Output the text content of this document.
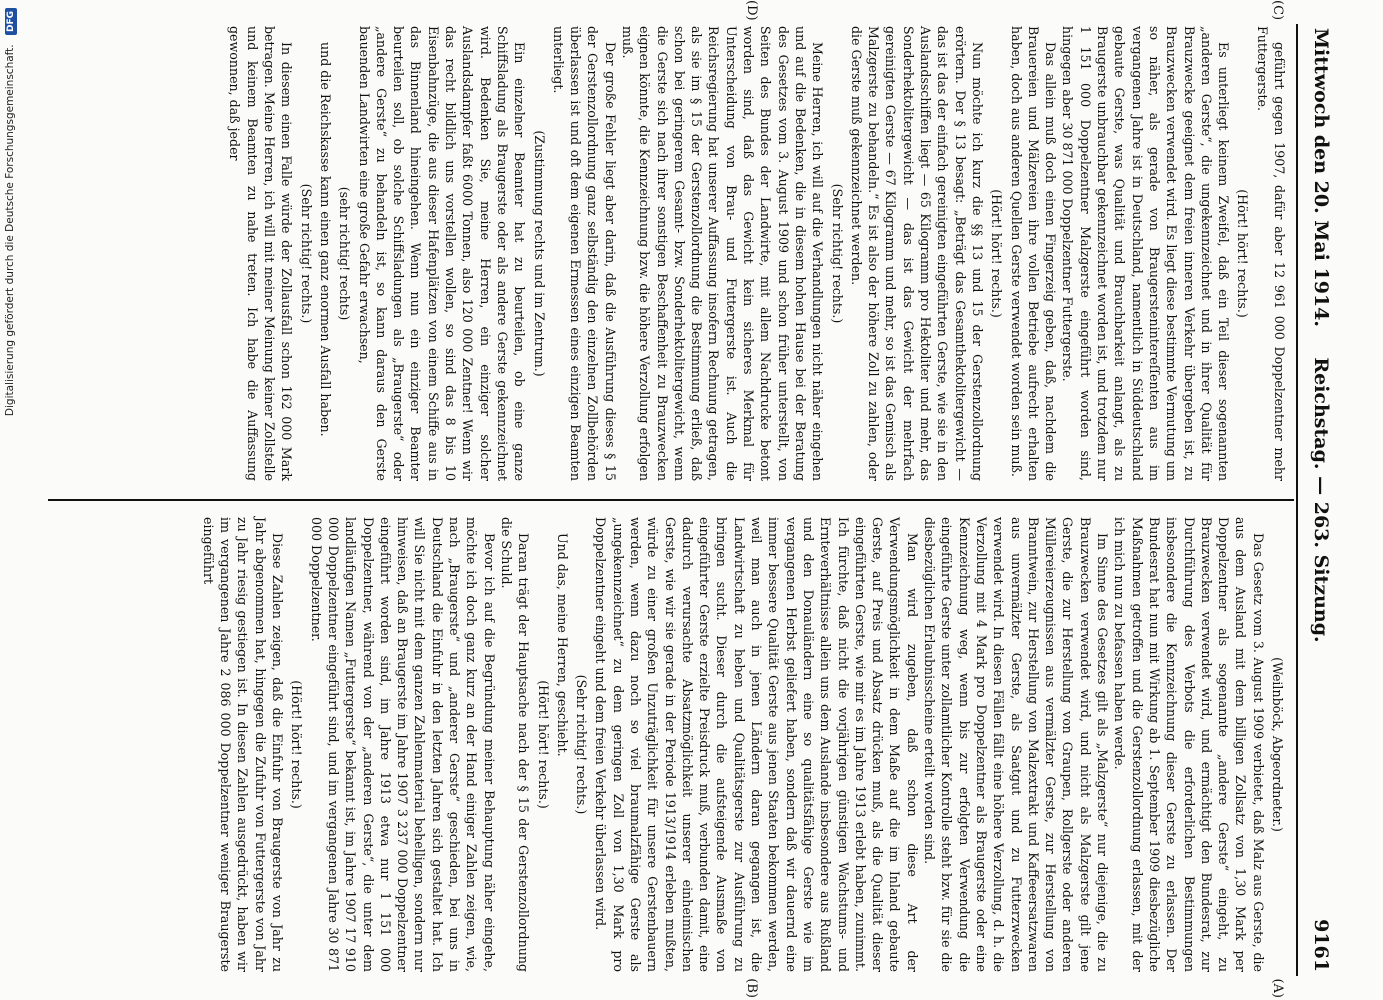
Digitalisierung gefördert durch die Deutsche Forschungsgemeinschaft. DFG
Mittwoch den 20. Mai 1914.
Reichstag. — 263. Sitzung.
9161
(C)
(D)

geführt gegen 1907, dafür aber 12 961 000 Doppelzentner mehr Futtergerste.

(Hört! hört! rechts.)

Es unterliegt keinem Zweifel, daß ein Teil dieser sogenannten „anderen Gerste“, die ungekennzeichnet und in ihrer Qualität für Brauzwecke geeignet dem freien inneren Verkehr übergeben ist, zu Brauzwecken verwendet wird. Es liegt diese bestimmte Vermutung um so näher, als gerade von Braugerstenintereſſenten aus im vergangenen Jahre ist in Deutschland, namentlich in Süddeutschland gebaute Gerste, was Qualität und Brauchbarkeit anlangt, als zu Braugerste unbrauchbar gekennzeichnet worden ist, und trotzdem nur 1 151 000 Doppelzentner Malzgerste eingeführt worden sind, hingegen aber 30 871 000 Doppelzentner Futtergerste.

Das allein muß doch einen Fingerzeig geben, daß, nachdem die Brauereien und Mälzereien ihre vollen Betriebe aufrecht erhalten haben, doch aus anderen Quellen Gerste verwendet worden sein muß.

(Hört! hört! rechts.)

Nun möchte ich kurz die §§ 13 und 15 der Gerstenzollordnung erörtern. Der § 13 besagt: „Beträgt das Gesamthektolitergewicht — das ist das der einfach gereinigten eingeführten Gerste, wie sie in den Auslandsschiffen liegt — 65 Kilogramm pro Hektoliter und mehr, das Sonderhektolitergewicht — das ist das Gewicht der mehrfach gereinigten Gerste — 67 Kilogramm und mehr, so ist das Gemisch als Malzgerste zu behandeln.“ Es ist also der höhere Zoll zu zahlen, oder die Gerste muß gekennzeichnet werden.

(Sehr richtig! rechts.)

Meine Herren, ich will auf die Verhandlungen nicht näher eingehen und auf die Bedenken, die in diesem hohen Hause bei der Beratung des Gesetzes vom 3. August 1909 und schon früher unterstellt, von Seiten des Bundes der Landwirte, mit allem Nachdrucke betont worden sind, daß das Gewicht kein sicheres Merkmal für Unterscheidung von Brau- und Futtergerste ist. Auch die Reichsregierung hat unserer Auffassung insofern Rechnung getragen, als sie im § 15 der Gerstenzollordnung die Bestimmung erließ, daß schon bei geringerem Gesamt- bzw. Sonderhektolitergewicht, wenn die Gerste sich nach ihrer sonstigen Beschaffenheit zu Brauzwecken eignen könnte, die Kennzeichnung bzw. die höhere Verzollung erfolgen muß.

Der große Fehler liegt aber darin, daß die Ausführung dieses § 15 der Gerstenzollordnung ganz selbständig den einzelnen Zollbehörden überlassen ist und oft dem eigenen Ermessen eines einzigen Beamten unterliegt.

(Zustimmung rechts und im Zentrum.)

Ein einzelner Beamter hat zu beurteilen, ob eine ganze Schiffsladung als Braugerste oder als andere Gerste gekennzeichnet wird. Bedenken Sie, meine Herren, ein einziger solcher Auslandsdampfer faßt 6000 Tonnen, also 120 000 Zentner! Wenn wir das recht bildlich uns vorstellen wollen, so sind das 8 bis 10 Eisenbahnzüge, die aus dieser Hafenplätzen von einem Schiffe aus in das Binnenland hineingehen. Wenn nun ein einziger Beamter beurteilen soll, ob solche Schiffsladungen als „Braugerste“ oder „andere Gerste“ zu behandeln ist, so kann daraus den Gerste bauenden Landwirten eine große Gefahr erwachsen,

(sehr richtig! rechts)

und die Reichskasse kann einen ganz enormen Ausfall haben.

(Sehr richtig! rechts.)

In diesem einen Falle würde der Zollausfall schon 162 000 Mark betragen. Meine Herren, ich will mit meiner Meinung keiner Zollstelle und keinem Beamten zu nahe treten. Ich habe die Auffassung gewonnen, daß jeder

(A)
(B)

(Weilnböck, Abgeordneter.)

Das Gesetz vom 3. August 1909 verbietet, daß Malz aus Gerste, die aus dem Ausland mit dem billigen Zollsatz von 1,30 Mark per Doppelzentner als sogenannte „andere Gerste“ eingeht, zu Brauzwecken verwendet wird, und ermächtigt den Bundesrat, zur Durchführung des Verbots die erforderlichen Bestimmungen insbesondere die Kennzeichnung dieser Gerste zu erlassen. Der Bundesrat hat nun mit Wirkung ab 1. September 1909 diesbezügliche Maßnahmen getroffen und die Gerstenzollordnung erlassen, mit der ich mich nun zu befassen haben werde.

Im Sinne des Gesetzes gilt als „Malzgerste“ nur diejenige, die zu Brauzwecken verwendet wird, und nicht als Malzgerste gilt jene Gerste, die zur Herstellung von Graupen, Rollgerste oder anderen Müllereierzeugnissen aus vermälzter Gerste, zur Herstellung von Branntwein, zur Herstellung von Malzextrakt und Kaffeeersatzwaren aus unvermälzter Gerste, als Saatgut und zu Futterzwecken verwendet wird. In diesen Fällen fällt eine höhere Verzollung, d. h. die Verzollung mit 4 Mark pro Doppelzentner als Braugerste oder eine Kennzeichnung weg, wenn bis zur erfolgten Verwendung die eingeführte Gerste unter zollamtlicher Kontrolle steht bzw. für sie die diesbezüglichen Erlaubnisscheine erteilt worden sind.

Man wird zugeben, daß schon diese Art der Verwendungsmöglichkeit in dem Maße auf die im Inland gebaute Gerste, auf Preis und Absatz drücken muß, als die Qualität dieser eingeführten Gerste, wie mir es im Jahre 1913 erlebt haben, zunimmt. Ich fürchte, daß nicht die vorjährigen günstigen Wachstums- und Ernteverhältnisse allein uns dem Auslande insbesondere aus Rußland und den Donauländern eine so qualitätsfähige Gerste wie im vergangenen Herbst geliefert haben, sondern daß wir dauernd eine immer bessere Qualität Gerste aus jenen Staaten bekommen werden, weil man auch in jenen Ländern daran gegangen ist, die Landwirtschaft zu heben und Qualitätsgerste zur Ausführung zu bringen sucht. Dieser durch die aufsteigende Ausmaße von eingeführter Gerste erzielte Preisdruck muß, verbunden damit, eine dadurch verursachte Absatzmöglichkeit unserer einheimischen Gerste, wie wir sie gerade in der Periode 1913/1914 erleben mußten, würde zu einer großen Unzuträglichkeit für unsere Gerstenbauern werden, wenn dazu noch so viel braumalzfähige Gerste als „ungekennzeichnet“ zu dem geringen Zoll von 1,30 Mark pro Doppelzentner eingeht und dem freien Verkehr überlassen wird.

(Sehr richtig! rechts.)

Und das, meine Herren, geschieht.

(Hört! hört! rechts.)

Daran trägt der Hauptsache nach der § 15 der Gerstenzollordnung die Schuld.

Bevor ich auf die Begründung meiner Behauptung näher eingehe, möchte ich doch ganz kurz an der Hand einiger Zahlen zeigen, wie, nach „Braugerste“ und „anderer Gerste“ geschieden, bei uns in Deutschland die Einfuhr in den letzten Jahren sich gestaltet hat. Ich will Sie nicht mit dem ganzen Zahlenmaterial behelligen, sondern nur hinweisen, daß an Braugerste im Jahre 1907 3 237 000 Doppelzentner eingeführt worden sind, im Jahre 1913 etwa nur 1 151 000 Doppelzentner, während von der „anderen Gerste“, die unter dem landläufigen Namen „Futtergerste“ bekannt ist, im Jahre 1907 17 910 000 Doppelzentner eingeführt sind, und im vergangenen Jahre 30 871 000 Doppelzentner.

(Hört! hört! rechts.)

Diese Zahlen zeigen, daß die Einfuhr von Braugerste von Jahr zu Jahr abgenommen hat, hingegen die Zufuhr von Futtergerste von Jahr zu Jahr riesig gestiegen ist. In diesen Zahlen ausgedrückt, haben wir im vergangenen Jahre 2 086 000 Doppelzentner weniger Braugerste eingeführt
